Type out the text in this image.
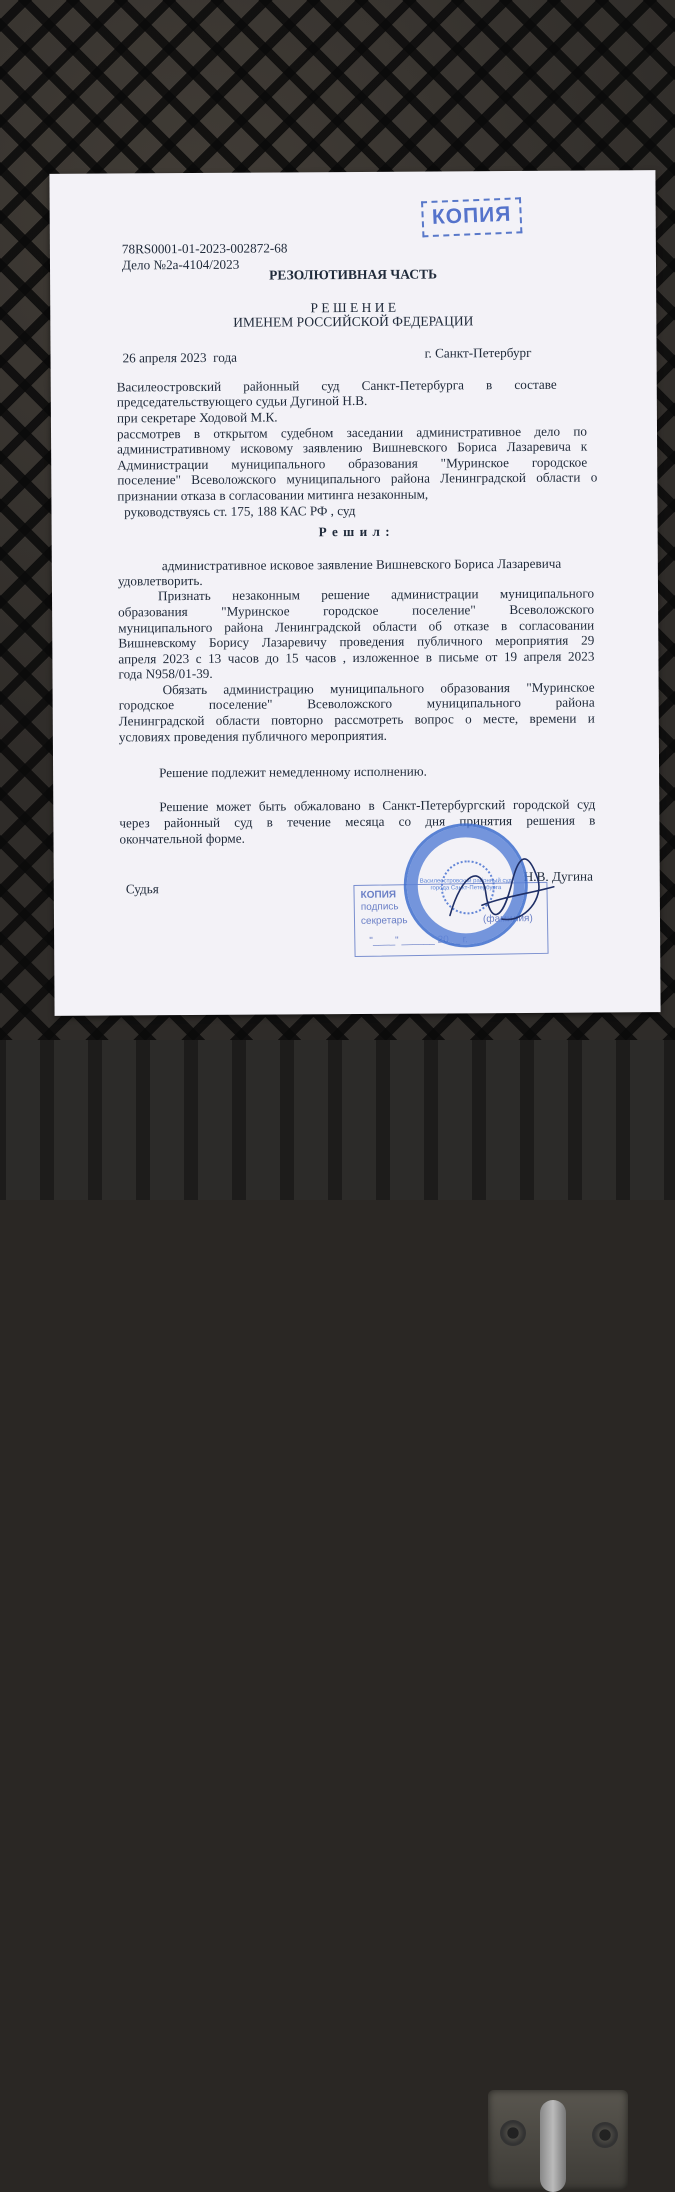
КОПИЯ
78RS0001-01-2023-002872-68
Дело №2а-4104/2023
РЕЗОЛЮТИВНАЯ ЧАСТЬ
Р Е Ш Е Н И Е
ИМЕНЕМ РОССИЙСКОЙ ФЕДЕРАЦИИ
26 апреля 2023  года	г. Санкт-Петербург
Василеостровский районный суд Санкт-Петербурга в составе
председательствующего судьи Дугиной Н.В.
при секретаре Ходовой М.К.
рассмотрев в открытом судебном заседании административное дело по
административному исковому заявлению Вишневского Бориса Лазаревича к
Администрации муниципального образования "Муринское городское
поселение" Всеволожского муниципального района Ленинградской области о
признании отказа в согласовании митинга незаконным,
руководствуясь ст. 175, 188 КАС РФ , суд
Р е ш и л :
административное исковое заявление Вишневского Бориса Лазаревича
удовлетворить.
Признать незаконным решение администрации муниципального
образования "Муринское городское поселение" Всеволожского
муниципального района Ленинградской области об отказе в согласовании
Вишневскому Борису Лазаревичу проведения публичного мероприятия 29
апреля 2023 с 13 часов до 15 часов , изложенное в письме от 19 апреля 2023
года N958/01-39.
Обязать администрацию муниципального образования "Муринское
городское поселение" Всеволожского муниципального района
Ленинградской области повторно рассмотреть вопрос о месте, времени и
условиях проведения публичного мероприятия.
Решение подлежит немедленному исполнению.
Решение может быть обжаловано в Санкт-Петербургский городской суд
через районный суд в течение месяца со дня принятия решения в
окончательной форме.
Судья
Н.В. Дугина
КОПИЯ
подпись
секретарь	(фамилия)
"____" ______ 20__ г.
Василеостровский районный суд города Санкт-Петербурга
